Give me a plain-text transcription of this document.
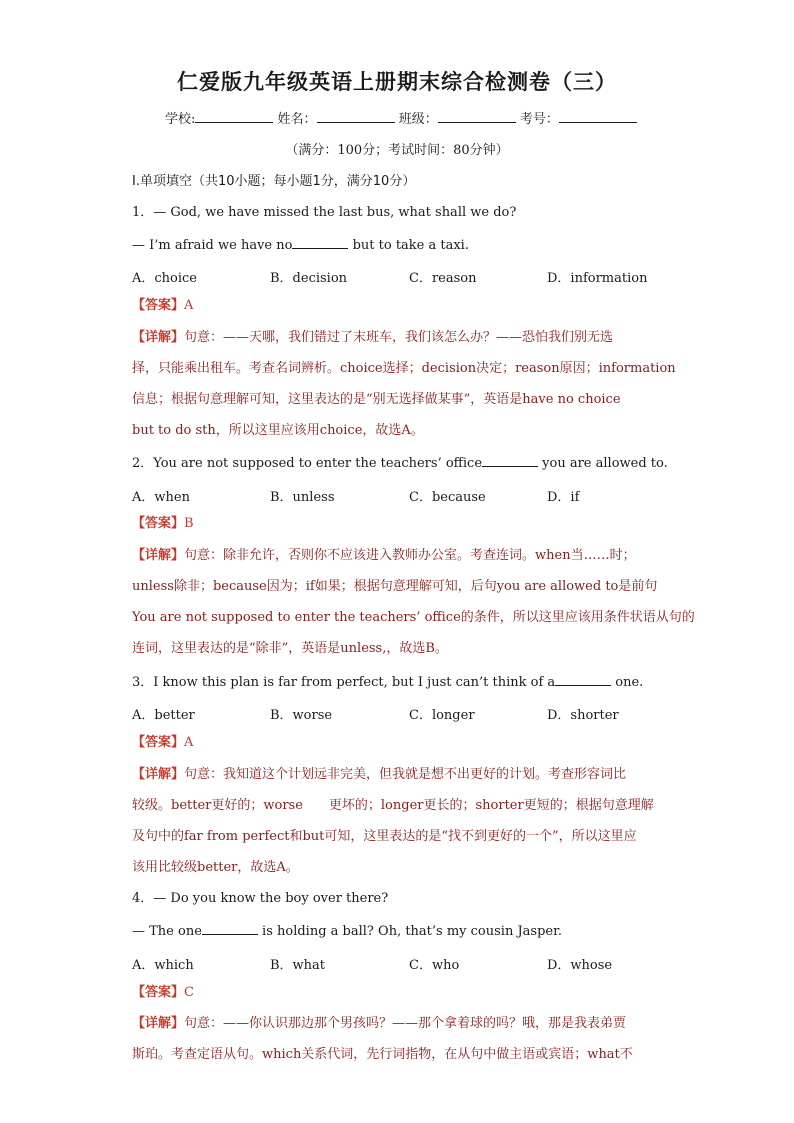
仁爱版九年级英语上册期末综合检测卷（三）
学校:	姓名：	班级：	考号：
（满分：100分；考试时间：80分钟）
I.单项填空（共10小题；每小题1分，满分10分）
1．— God, we have missed the last bus, what shall we do?
— I’m afraid we have no	but to take a taxi.
A．choice	B．decision	C．reason	D．information
【答案】A
【详解】句意：——天哪，我们错过了末班车，我们该怎么办？——恐怕我们别无选
择，只能乘出租车。考查名词辨析。choice选择；decision决定；reason原因；information
信息；根据句意理解可知，这里表达的是“别无选择做某事”，英语是have no choice
but to do sth，所以这里应该用choice，故选A。
2．You are not supposed to enter the teachers’ office	you are allowed to.
A．when	B．unless	C．because	D．if
【答案】B
【详解】句意：除非允许，否则你不应该进入教师办公室。考查连词。when当……时；
unless除非；because因为；if如果；根据句意理解可知，后句you are allowed to是前句
You are not supposed to enter the teachers’ office的条件，所以这里应该用条件状语从句的
连词，这里表达的是“除非”，英语是unless,，故选B。
3．I know this plan is far from perfect, but I just can’t think of a	one.
A．better	B．worse	C．longer	D．shorter
【答案】A
【详解】句意：我知道这个计划远非完美，但我就是想不出更好的计划。考查形容词比
较级。better更好的；worse　　更坏的；longer更长的；shorter更短的；根据句意理解
及句中的far from perfect和but可知，这里表达的是“找不到更好的一个”，所以这里应
该用比较级better，故选A。
4．— Do you know the boy over there?
— The one	is holding a ball? Oh, that’s my cousin Jasper.
A．which	B．what	C．who	D．whose
【答案】C
【详解】句意：——你认识那边那个男孩吗？——那个拿着球的吗？哦，那是我表弟贾
斯珀。考查定语从句。which关系代词，先行词指物，在从句中做主语或宾语；what不
